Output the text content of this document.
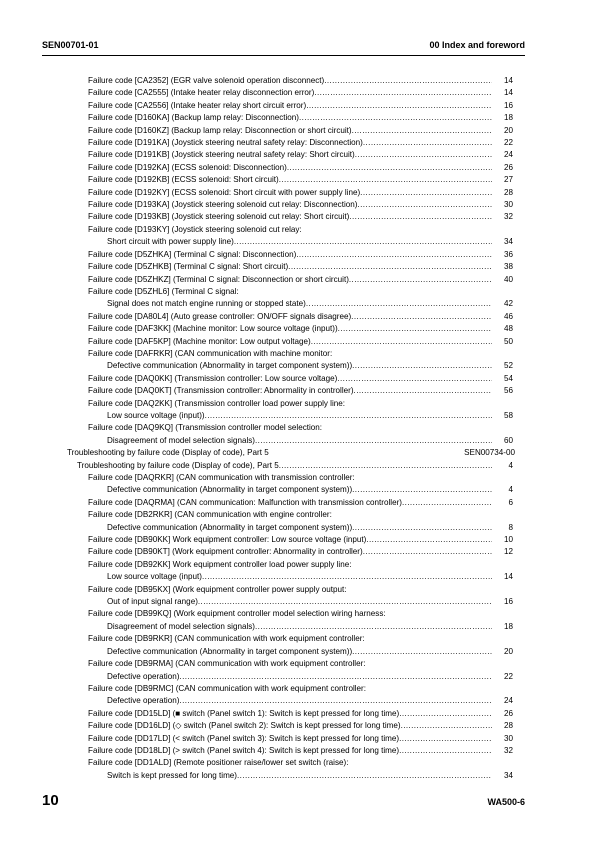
SEN00701-01	00 Index and foreword
Failure code [CA2352] (EGR valve solenoid operation disconnect) .....	14
Failure code [CA2555] (Intake heater relay disconnection error) .....	14
Failure code [CA2556] (Intake heater relay short circuit error) .....	16
Failure code [D160KA] (Backup lamp relay: Disconnection) .....	18
Failure code [D160KZ] (Backup lamp relay: Disconnection or short circuit) .....	20
Failure code [D191KA] (Joystick steering neutral safety relay: Disconnection) .....	22
Failure code [D191KB] (Joystick steering neutral safety relay: Short circuit) .....	24
Failure code [D192KA] (ECSS solenoid: Disconnection) .....	26
Failure code [D192KB] (ECSS solenoid: Short circuit) .....	27
Failure code [D192KY] (ECSS solenoid: Short circuit with power supply line) .....	28
Failure code [D193KA] (Joystick steering solenoid cut relay: Disconnection) .....	30
Failure code [D193KB] (Joystick steering solenoid cut relay: Short circuit) .....	32
Failure code [D193KY] (Joystick steering solenoid cut relay:
Short circuit with power supply line) .....	34
Failure code [D5ZHKA] (Terminal C signal: Disconnection) .....	36
Failure code [D5ZHKB] (Terminal C signal: Short circuit) .....	38
Failure code [D5ZHKZ] (Terminal C signal: Disconnection or short circuit) .....	40
Failure code [D5ZHL6] (Terminal C signal:
Signal does not match engine running or stopped state) .....	42
Failure code [DA80L4] (Auto grease controller: ON/OFF signals disagree) .....	46
Failure code [DAF3KK] (Machine monitor: Low source voltage (input)) .....	48
Failure code [DAF5KP] (Machine monitor: Low output voltage) .....	50
Failure code [DAFRKR] (CAN communication with machine monitor:
Defective communication (Abnormality in target component system)) .....	52
Failure code [DAQ0KK] (Transmission controller: Low source voltage) .....	54
Failure code [DAQ0KT] (Transmission controller: Abnormality in controller) .....	56
Failure code [DAQ2KK] (Transmission controller load power supply line:
Low source voltage (input)) .....	58
Failure code [DAQ9KQ] (Transmission controller model selection:
Disagreement of model selection signals) .....	60
Troubleshooting by failure code (Display of code), Part 5	SEN00734-00
Troubleshooting by failure code (Display of code), Part 5 .....	4
Failure code [DAQRKR] (CAN communication with transmission controller:
Defective communication (Abnormality in target component system)) .....	4
Failure code [DAQRMA] (CAN communication: Malfunction with transmission controller) .....	6
Failure code [DB2RKR] (CAN communication with engine controller:
Defective communication (Abnormality in target component system)) .....	8
Failure code [DB90KK] Work equipment controller: Low source voltage (input) .....	10
Failure code [DB90KT] (Work equipment controller: Abnormality in controller) .....	12
Failure code [DB92KK] Work equipment controller load power supply line:
Low source voltage (input) .....	14
Failure code [DB95KX] (Work equipment controller power supply output:
Out of input signal range) .....	16
Failure code [DB99KQ] (Work equipment controller model selection wiring harness:
Disagreement of model selection signals) .....	18
Failure code [DB9RKR] (CAN communication with work equipment controller:
Defective communication (Abnormality in target component system)) .....	20
Failure code [DB9RMA] (CAN communication with work equipment controller:
Defective operation) .....	22
Failure code [DB9RMC] (CAN communication with work equipment controller:
Defective operation) .....	24
Failure code [DD15LD] (■ switch (Panel switch 1): Switch is kept pressed for long time) .....	26
Failure code [DD16LD] (◇ switch (Panel switch 2): Switch is kept pressed for long time) .....	28
Failure code [DD17LD] (< switch (Panel switch 3): Switch is kept pressed for long time) .....	30
Failure code [DD18LD] (> switch (Panel switch 4): Switch is kept pressed for long time) .....	32
Failure code [DD1ALD] (Remote positioner raise/lower set switch (raise):
Switch is kept pressed for long time) .....	34
10	WA500-6
